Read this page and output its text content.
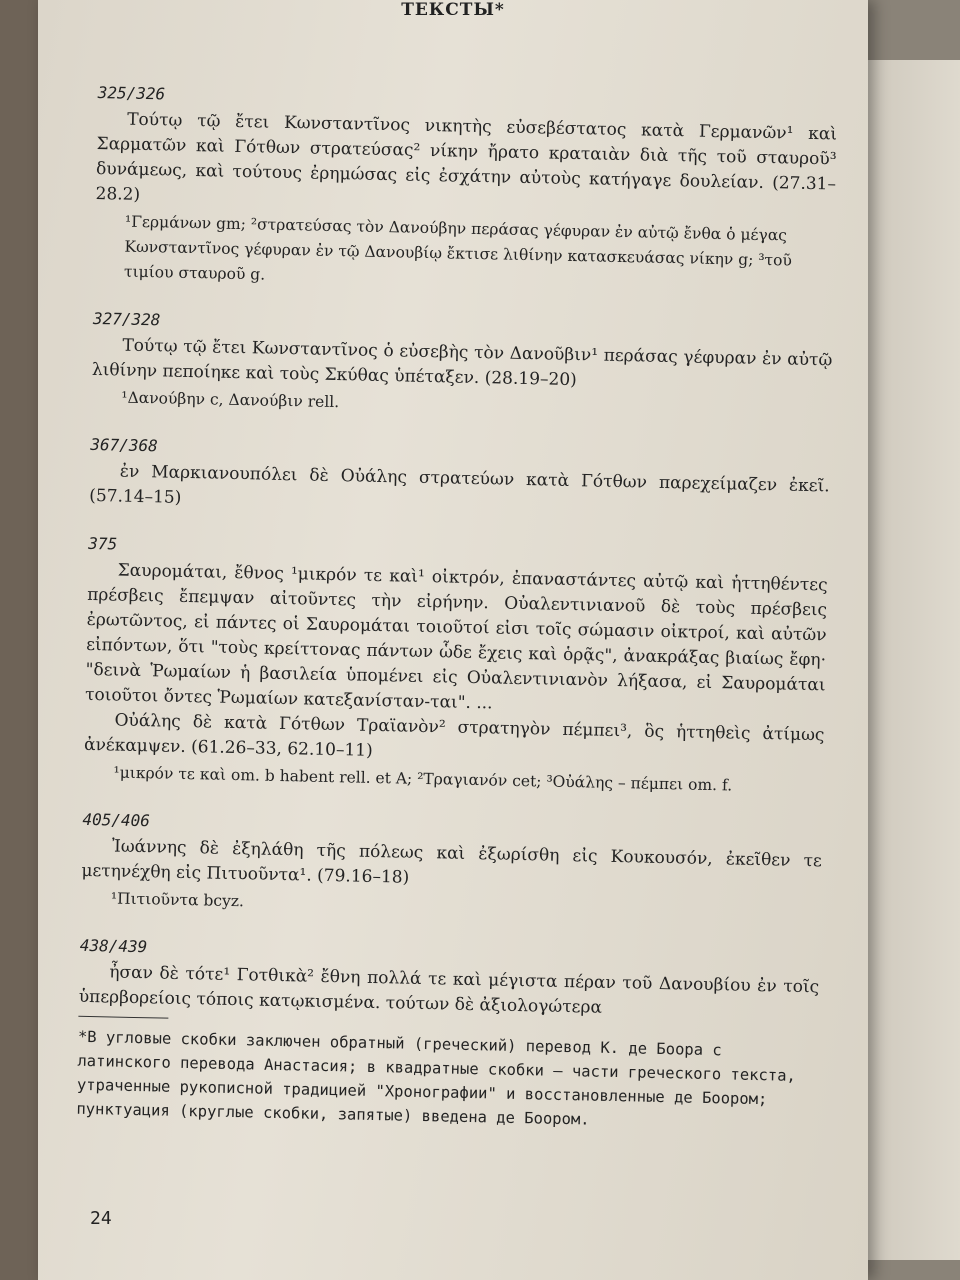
ТЕКСТЫ*
325/326

Τούτῳ τῷ ἔτει Κωνσταντῖνος νικητὴς εὐσεβέστατος κατὰ Γερμανῶν¹ καὶ Σαρματῶν καὶ Γότθων στρατεύσας² νίκην ἤρατο κραταιὰν διὰ τῆς τοῦ σταυροῦ³ δυνάμεως, καὶ τούτους ἐρημώσας εἰς ἐσχάτην αὐτοὺς κατήγαγε δουλείαν. (27.31–28.2)

¹Γερμάνων gm; ²στρατεύσας τὸν Δανούβην περάσας γέφυραν ἐν αὐτῷ ἔνθα ὁ μέγας Κωνσταντῖνος γέφυραν ἐν τῷ Δανουβίῳ ἔκτισε λιθίνην κατασκευάσας νίκην g; ³τοῦ τιμίου σταυροῦ g.

327/328

Τούτῳ τῷ ἔτει Κωνσταντῖνος ὁ εὐσεβὴς τὸν Δανοῦβιν¹ περάσας γέφυραν ἐν αὐτῷ λιθίνην πεποίηκε καὶ τοὺς Σκύθας ὑπέταξεν. (28.19–20)

¹Δανούβην c, Δανούβιν rell.

367/368

ἐν Μαρκιανουπόλει δὲ Οὐάλης στρατεύων κατὰ Γότθων παρεχείμαζεν ἐκεῖ. (57.14–15)

375

Σαυρομάται, ἔθνος ¹μικρόν τε καὶ¹ οἰκτρόν, ἐπαναστάντες αὐτῷ καὶ ἡττηθέντες πρέσβεις ἔπεμψαν αἰτοῦντες τὴν εἰρήνην. Οὐαλεντινιανοῦ δὲ τοὺς πρέσβεις ἐρωτῶντος, εἰ πάντες οἱ Σαυρομάται τοιοῦτοί εἰσι τοῖς σώμασιν οἰκτροί, καὶ αὐτῶν εἰπόντων, ὅτι "τοὺς κρείττονας πάντων ὧδε ἔχεις καὶ ὁρᾷς", ἀνακράξας βιαίως ἔφη· "δεινὰ Ῥωμαίων ἡ βασιλεία ὑπομένει εἰς Οὐαλεντινιανὸν λήξασα, εἰ Σαυρομάται τοιοῦτοι ὄντες Ῥωμαίων κατεξανίσταν-ται". ...

Οὐάλης δὲ κατὰ Γότθων Τραϊανὸν² στρατηγὸν πέμπει³, ὃς ἡττηθεὶς ἀτίμως ἀνέκαμψεν. (61.26–33, 62.10–11)

¹μικρόν τε καὶ om. b habent rell. et A; ²Τραγιανόν cet; ³Οὐάλης – πέμπει om. f.

405/406

Ἰωάννης δὲ ἐξηλάθη τῆς πόλεως καὶ ἐξωρίσθη εἰς Κουκουσόν, ἐκεῖθεν τε μετηνέχθη εἰς Πιτυοῦντα¹. (79.16–18)

¹Πιτιοῦντα bcyz.

438/439

ἦσαν δὲ τότε¹ Γοτθικὰ² ἔθνη πολλά τε καὶ μέγιστα πέραν τοῦ Δανουβίου ἐν τοῖς ὑπερβορείοις τόποις κατῳκισμένα. τούτων δὲ ἀξιολογώτερα

*В угловые скобки заключен обратный (греческий) перевод К. де Боора с латинского перевода Анастасия; в квадратные скобки – части греческого текста, утраченные рукописной традицией "Хронографии" и восстановленные де Боором; пунктуация (круглые скобки, запятые) введена де Боором.

24
